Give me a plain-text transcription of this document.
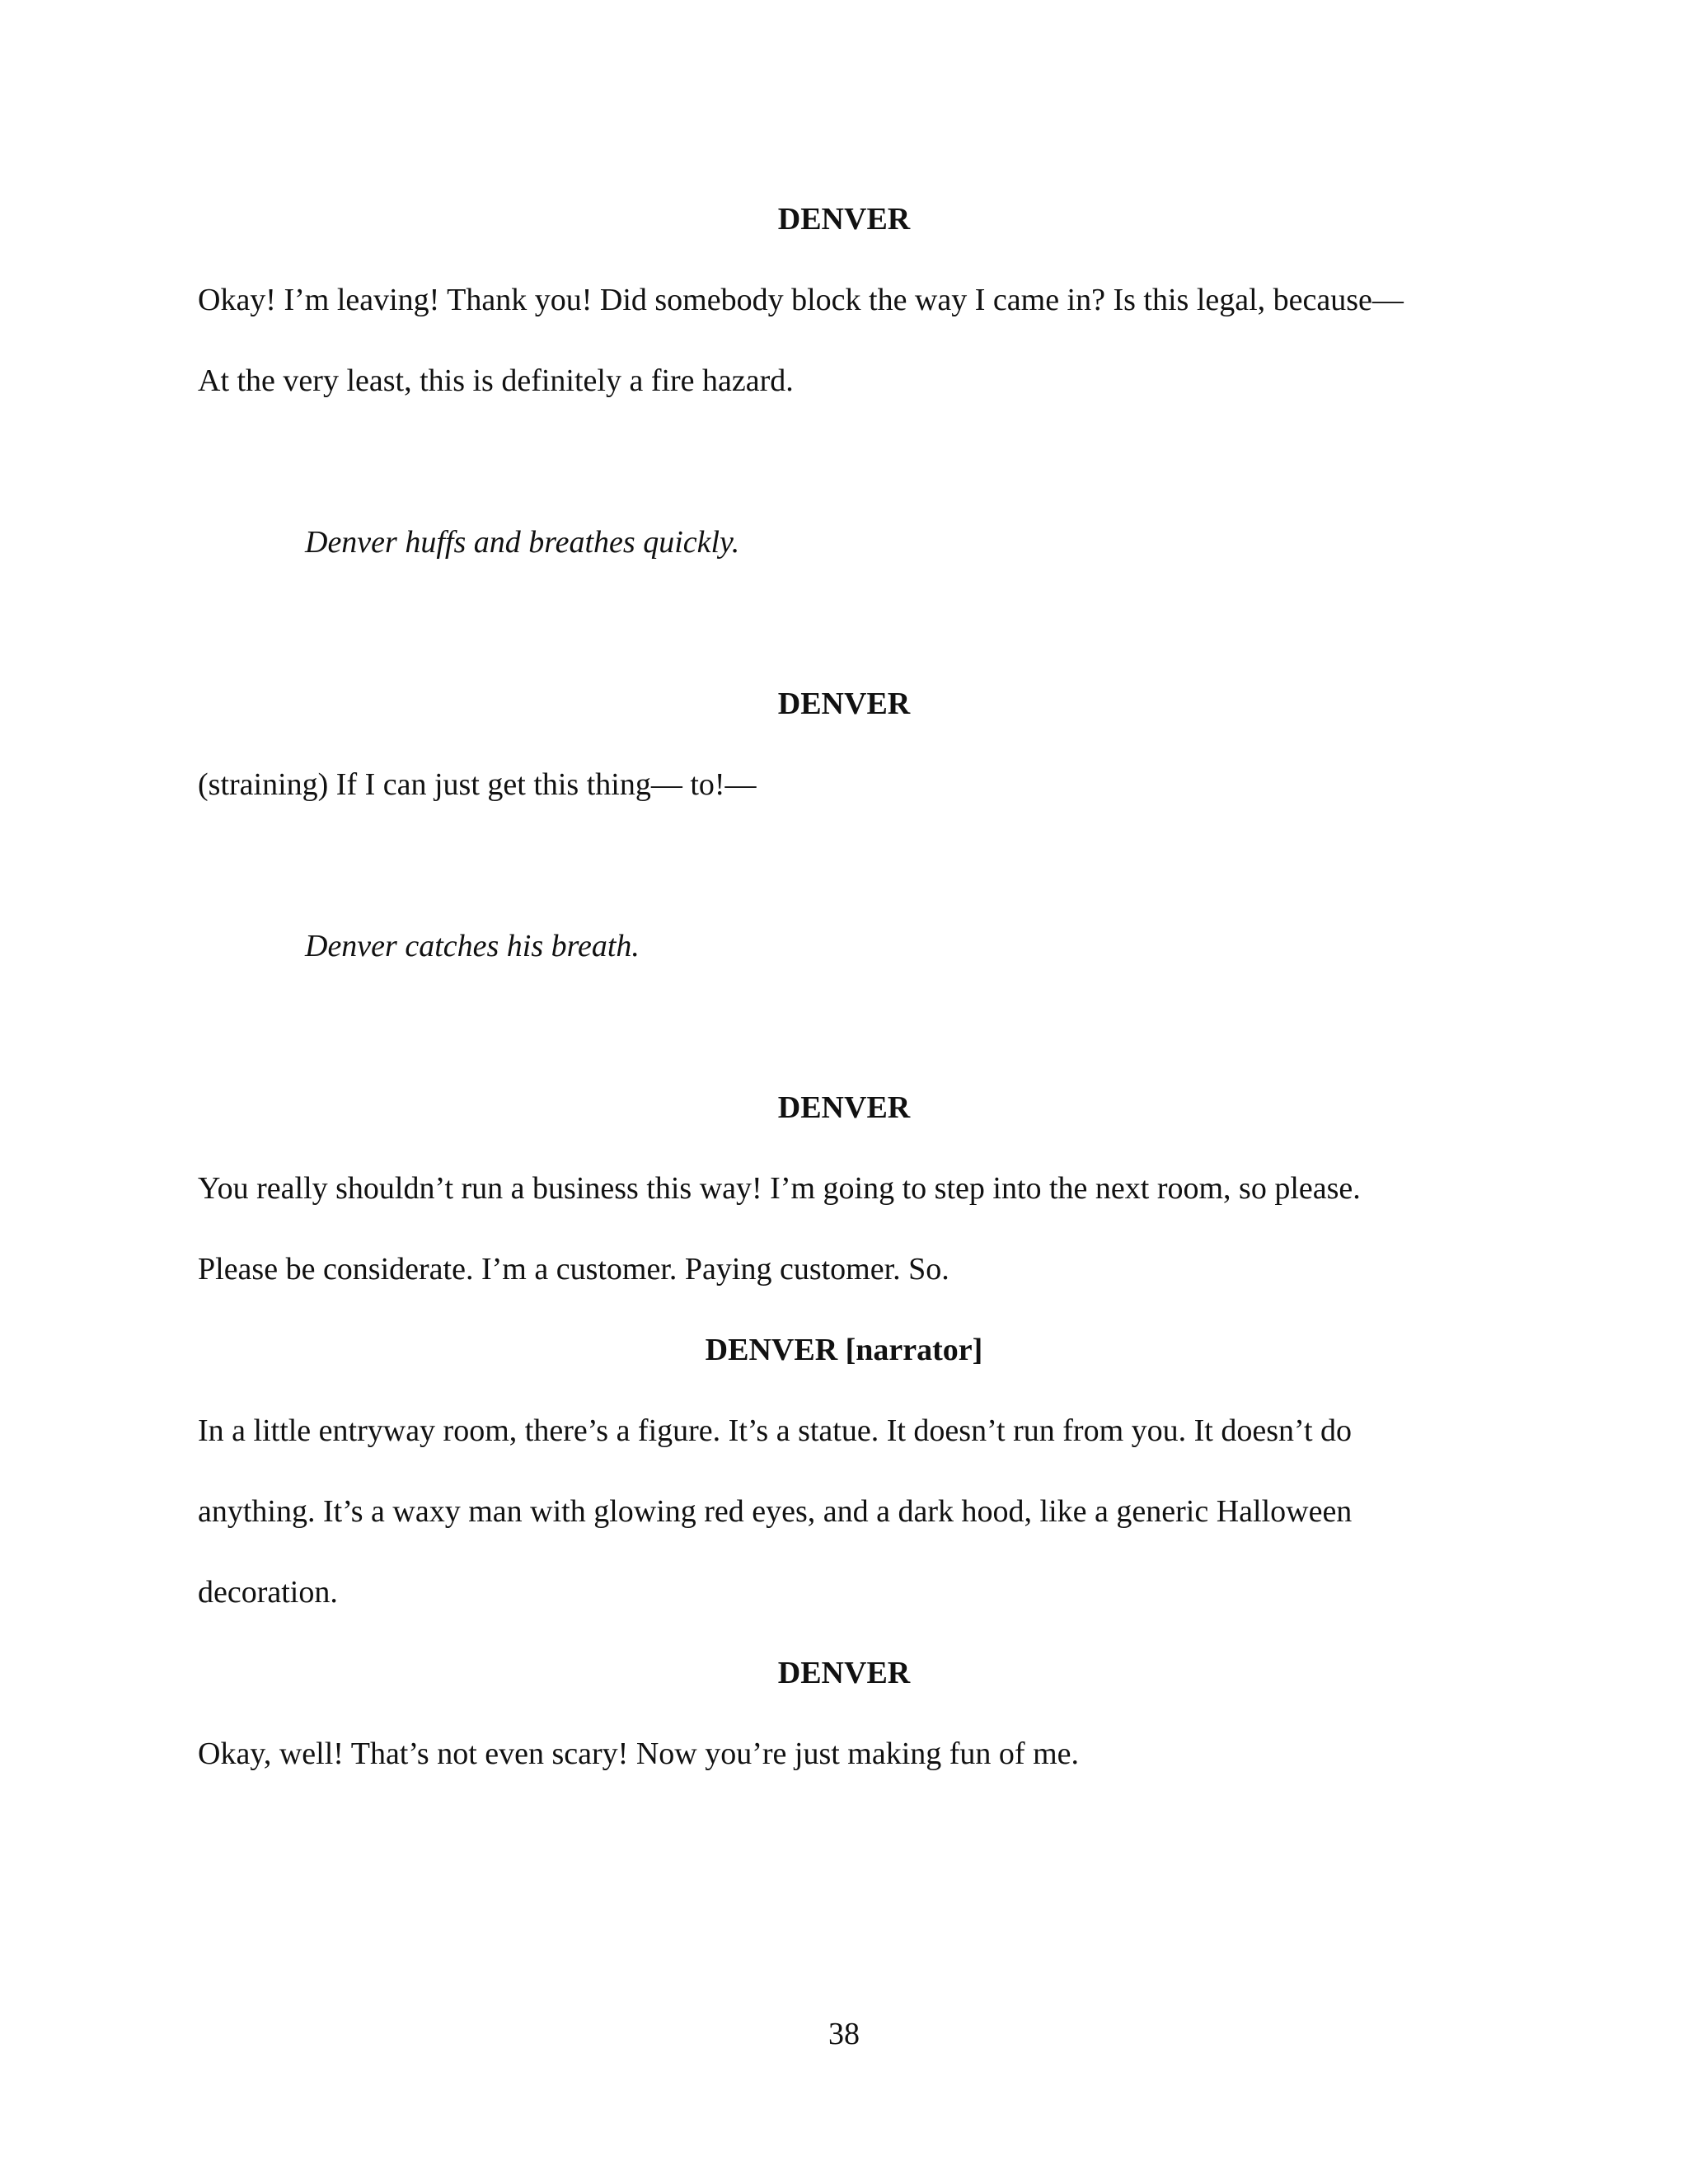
DENVER
Okay! I’m leaving! Thank you! Did somebody block the way I came in? Is this legal, because—
At the very least, this is definitely a fire hazard.
Denver huffs and breathes quickly.
DENVER
(straining) If I can just get this thing— to!—
Denver catches his breath.
DENVER
You really shouldn’t run a business this way! I’m going to step into the next room, so please.
Please be considerate. I’m a customer. Paying customer. So.
DENVER [narrator]
In a little entryway room, there’s a figure. It’s a statue. It doesn’t run from you. It doesn’t do
anything. It’s a waxy man with glowing red eyes, and a dark hood, like a generic Halloween
decoration.
DENVER
Okay, well! That’s not even scary! Now you’re just making fun of me.
38
